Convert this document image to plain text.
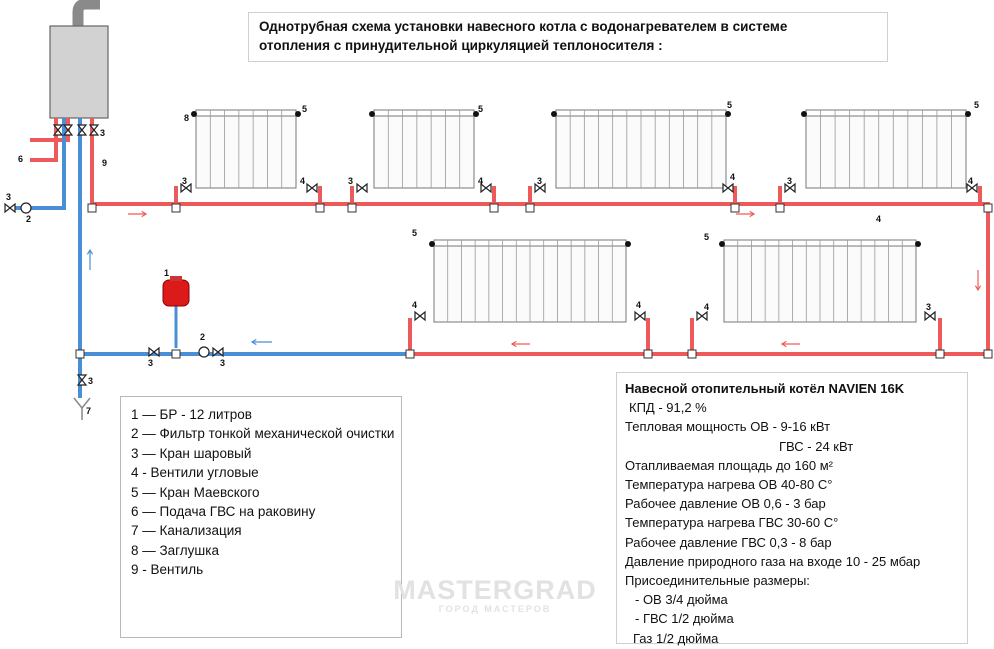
8
5	5	5	5
5	5
4
3	3	3	3
4	4	4	4
4	4	4	3
3
9
6
3
2
1
2
3	3
3
7
Однотрубная схема установки навесного котла с водонагревателем в системе
отопления с принудительной циркуляцией теплоносителя :
1 — БР - 12 литров
2 — Фильтр тонкой механической очистки
3 — Кран шаровый
4 - Вентили угловые
5 — Кран Маевского
6 — Подача ГВС на раковину
7 — Канализация
8 — Заглушка
9 - Вентиль
Навесной отопительный котёл NAVIEN 16K
КПД - 91,2 %
Тепловая мощность ОВ - 9-16 кВт
ГВС - 24 кВт
Отапливаемая площадь до 160 м²
Температура нагрева ОВ 40-80 С°
Рабочее давление ОВ 0,6 - 3 бар
Температура нагрева ГВС 30-60 С°
Рабочее давление ГВС 0,3 - 8 бар
Давление природного газа на входе 10 - 25 мбар
Присоединительные размеры:
- ОВ 3/4 дюйма
- ГВС 1/2 дюйма
Газ 1/2 дюйма
MASTERGRAD
ГОРОД МАСТЕРОВ
